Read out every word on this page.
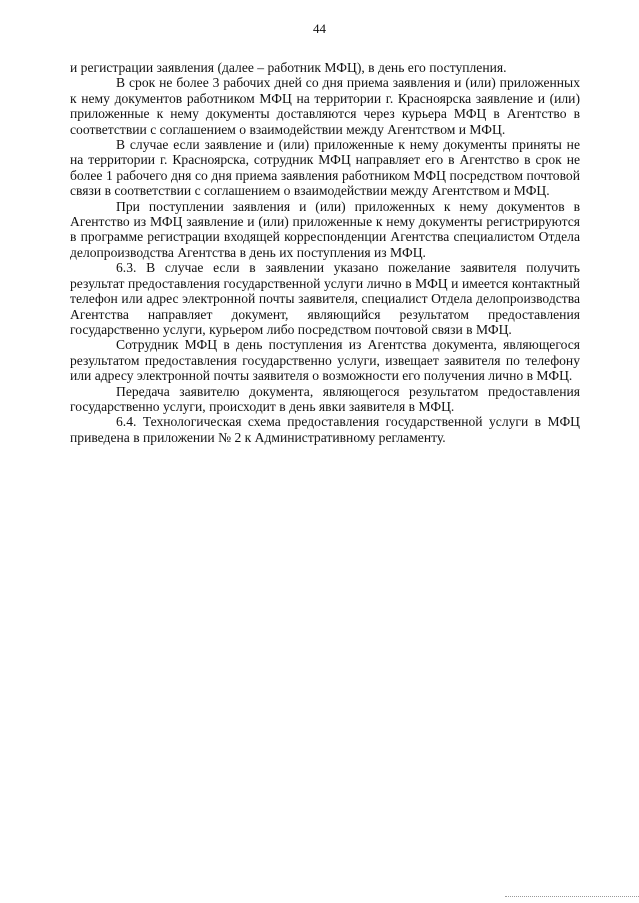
44

и регистрации заявления (далее – работник МФЦ), в день его поступления.

В срок не более 3 рабочих дней со дня приема заявления и (или) приложенных к нему документов работником МФЦ на территории г. Красноярска заявление и (или) приложенные к нему документы доставляются через курьера МФЦ в Агентство в соответствии с соглашением о взаимодействии между Агентством и МФЦ.

В случае если заявление и (или) приложенные к нему документы приняты не на территории г. Красноярска, сотрудник МФЦ направляет его в Агентство в срок не более 1 рабочего дня со дня приема заявления работником МФЦ посредством почтовой связи в соответствии с соглашением о взаимодействии между Агентством и МФЦ.

При поступлении заявления и (или) приложенных к нему документов в Агентство из МФЦ заявление и (или) приложенные к нему документы регистрируются в программе регистрации входящей корреспонденции Агентства специалистом Отдела делопроизводства Агентства в день их поступления из МФЦ.

6.3. В случае если в заявлении указано пожелание заявителя получить результат предоставления государственной услуги лично в МФЦ и имеется контактный телефон или адрес электронной почты заявителя, специалист Отдела делопроизводства Агентства направляет документ, являющийся результатом предоставления государственно услуги, курьером либо посредством почтовой связи в МФЦ.

Сотрудник МФЦ в день поступления из Агентства документа, являющегося результатом предоставления государственно услуги, извещает заявителя по телефону или адресу электронной почты заявителя о возможности его получения лично в МФЦ.

Передача заявителю документа, являющегося результатом предоставления государственно услуги, происходит в день явки заявителя в МФЦ.

6.4. Технологическая схема предоставления государственной услуги в МФЦ приведена в приложении № 2 к Административному регламенту.
